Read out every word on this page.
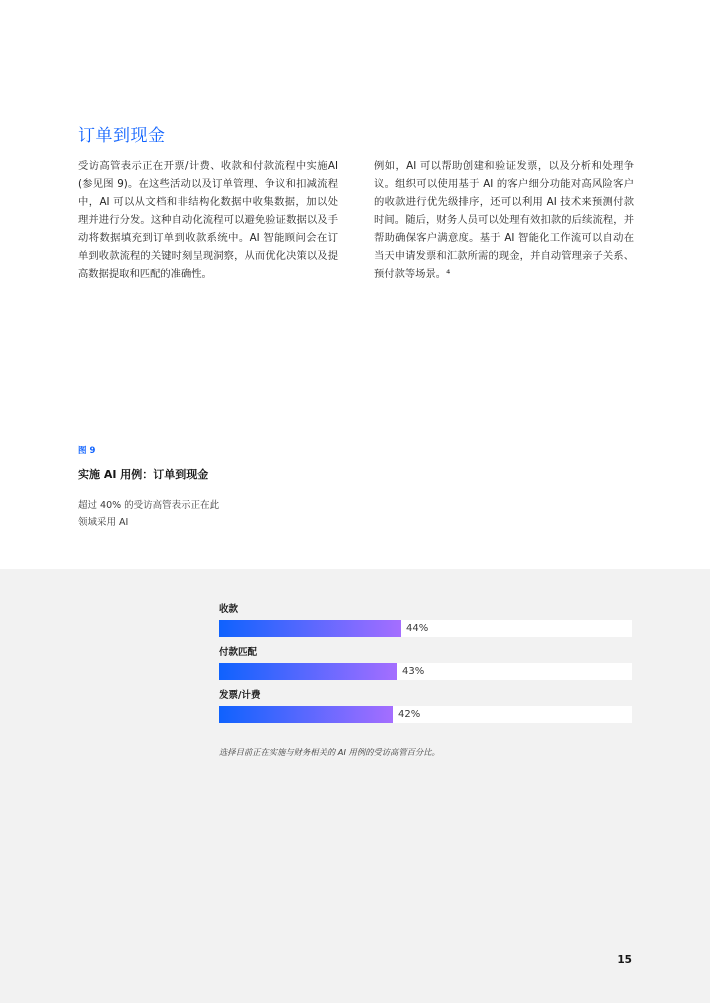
订单到现金
受访高管表示正在开票/计费、收款和付款流程中实施AI (参见图 9)。在这些活动以及订单管理、争议和扣减流程中，AI 可以从文档和非结构化数据中收集数据，加以处理并进行分发。这种自动化流程可以避免验证数据以及手动将数据填充到订单到收款系统中。AI 智能顾问会在订单到收款流程的关键时刻呈现洞察，从而优化决策以及提高数据提取和匹配的准确性。
例如，AI 可以帮助创建和验证发票，以及分析和处理争议。组织可以使用基于 AI 的客户细分功能对高风险客户的收款进行优先级排序，还可以利用 AI 技术来预测付款时间。随后，财务人员可以处理有效扣款的后续流程，并帮助确保客户满意度。基于 AI 智能化工作流可以自动在当天申请发票和汇款所需的现金，并自动管理亲子关系、预付款等场景。⁴
图 9
实施 AI 用例：订单到现金
超过 40% 的受访高管表示正在此领域采用 AI
收款
44%
付款匹配
43%
发票/计费
42%
选择目前正在实施与财务相关的 AI 用例的受访高管百分比。
15
